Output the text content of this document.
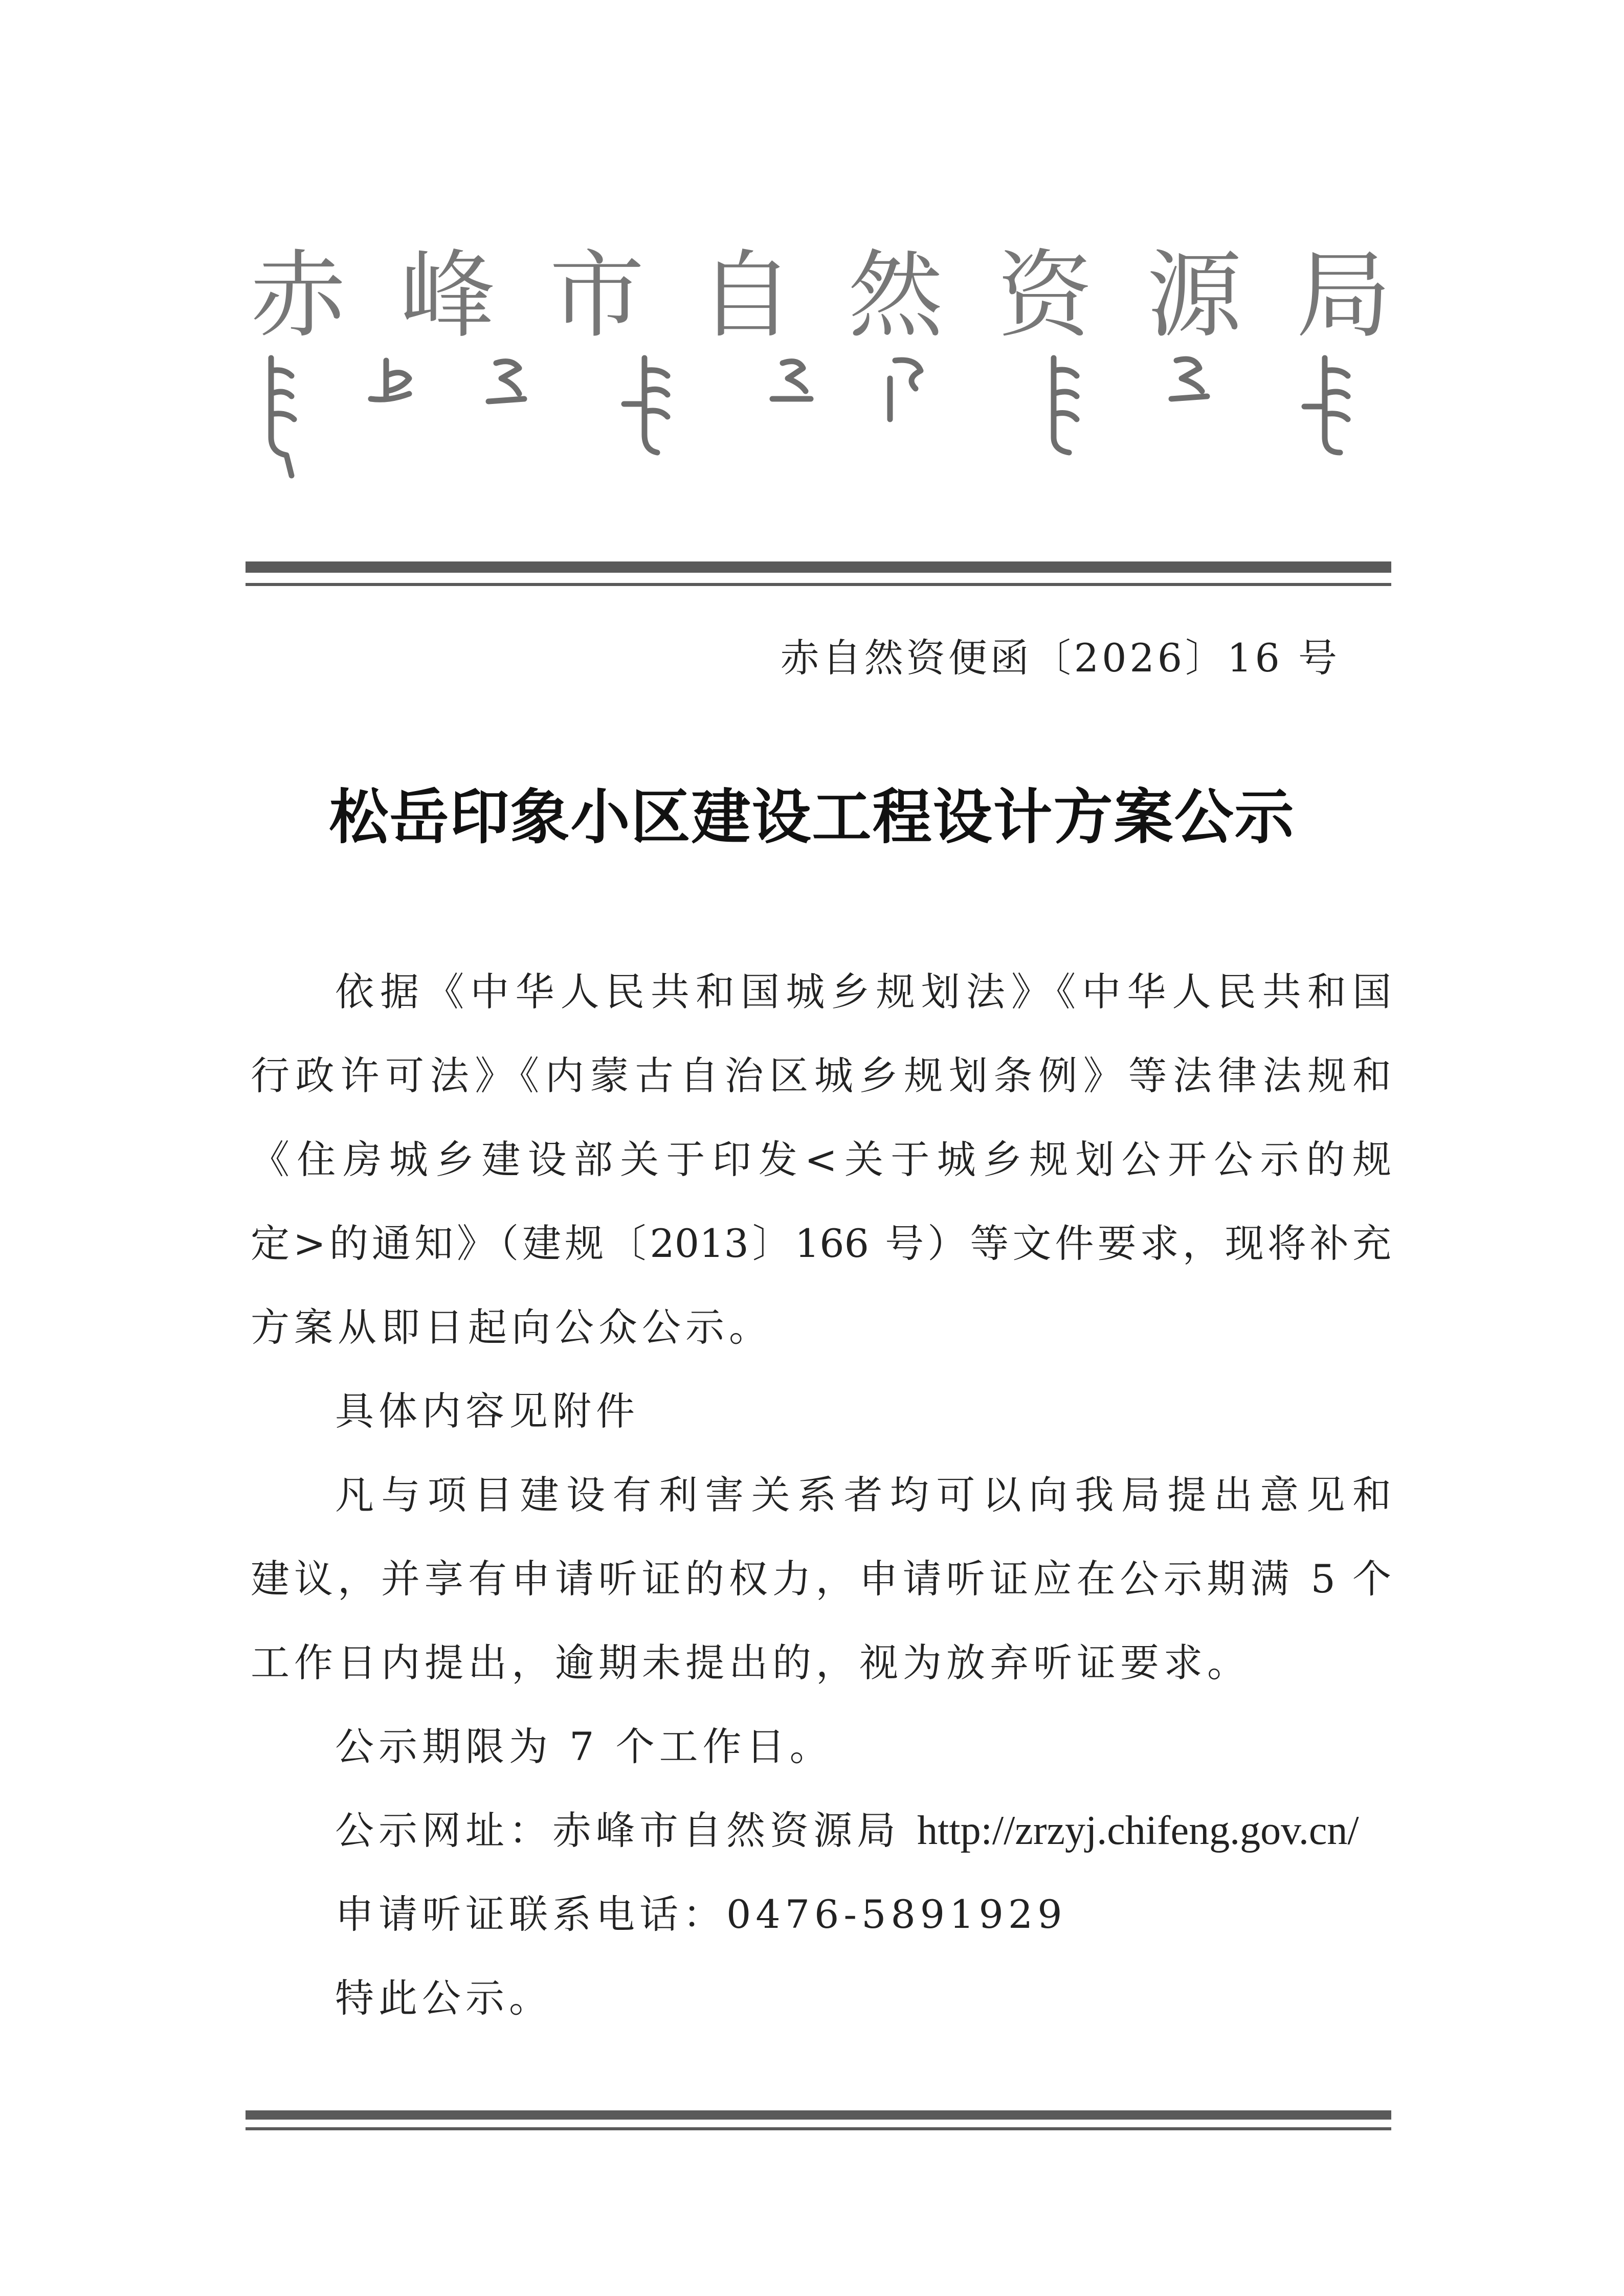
赤 峰 市 自 然 资 源 局
赤自然资便函〔2026〕16 号
松岳印象小区建设工程设计方案公示
依据《中华人民共和国城乡规划法》《中华人民共和国
行政许可法》《内蒙古自治区城乡规划条例》等法律法规和
《住房城乡建设部关于印发<关于城乡规划公开公示的规
定>的通知》（建规〔2013〕166 号）等文件要求，现将补充
方案从即日起向公众公示。
具体内容见附件
凡与项目建设有利害关系者均可以向我局提出意见和
建议，并享有申请听证的权力，申请听证应在公示期满 5 个
工作日内提出，逾期未提出的，视为放弃听证要求。
公示期限为 7 个工作日。
公示网址：赤峰市自然资源局 http://zrzyj.chifeng.gov.cn/
申请听证联系电话：0476-5891929
特此公示。
